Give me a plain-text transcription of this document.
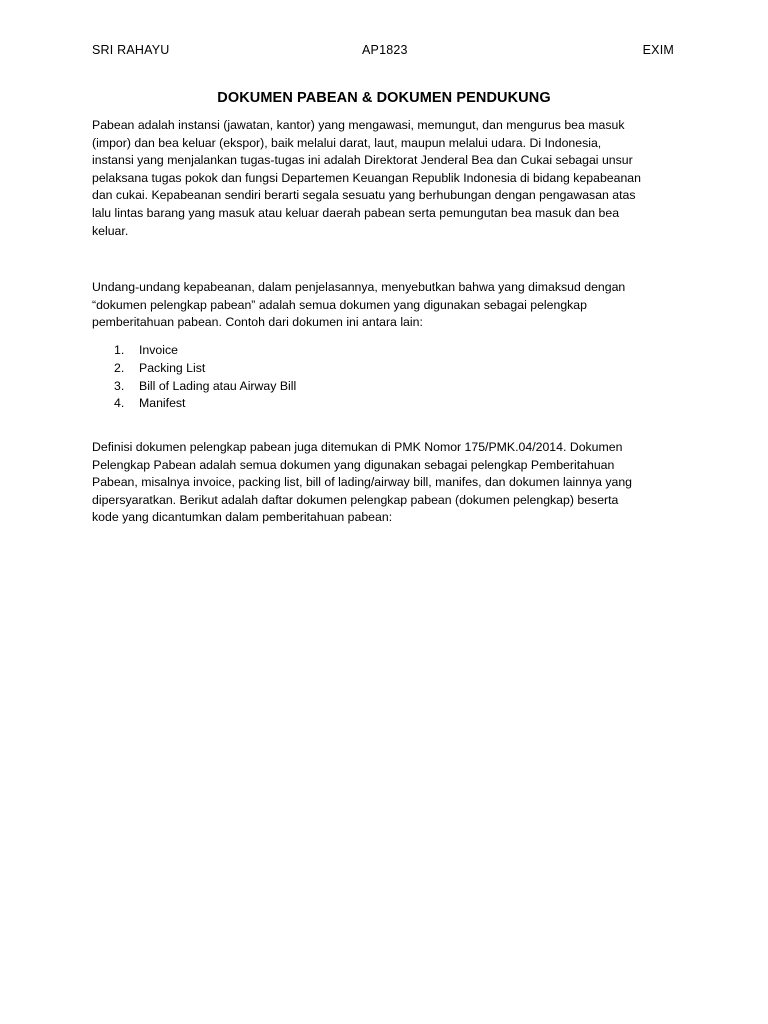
SRI RAHAYU	AP1823	EXIM
DOKUMEN PABEAN & DOKUMEN PENDUKUNG

Pabean adalah instansi (jawatan, kantor) yang mengawasi, memungut, dan mengurus bea masuk
(impor) dan bea keluar (ekspor), baik melalui darat, laut, maupun melalui udara. Di Indonesia,
instansi yang menjalankan tugas-tugas ini adalah Direktorat Jenderal Bea dan Cukai sebagai unsur
pelaksana tugas pokok dan fungsi Departemen Keuangan Republik Indonesia di bidang kepabeanan
dan cukai. Kepabeanan sendiri berarti segala sesuatu yang berhubungan dengan pengawasan atas
lalu lintas barang yang masuk atau keluar daerah pabean serta pemungutan bea masuk dan bea
keluar.

Undang-undang kepabeanan, dalam penjelasannya, menyebutkan bahwa yang dimaksud dengan
“dokumen pelengkap pabean” adalah semua dokumen yang digunakan sebagai pelengkap
pemberitahuan pabean. Contoh dari dokumen ini antara lain:

1. Invoice
2. Packing List
3. Bill of Lading atau Airway Bill
4. Manifest

Definisi dokumen pelengkap pabean juga ditemukan di PMK Nomor 175/PMK.04/2014. Dokumen
Pelengkap Pabean adalah semua dokumen yang digunakan sebagai pelengkap Pemberitahuan
Pabean, misalnya invoice, packing list, bill of lading/airway bill, manifes, dan dokumen lainnya yang
dipersyaratkan. Berikut adalah daftar dokumen pelengkap pabean (dokumen pelengkap) beserta
kode yang dicantumkan dalam pemberitahuan pabean:
